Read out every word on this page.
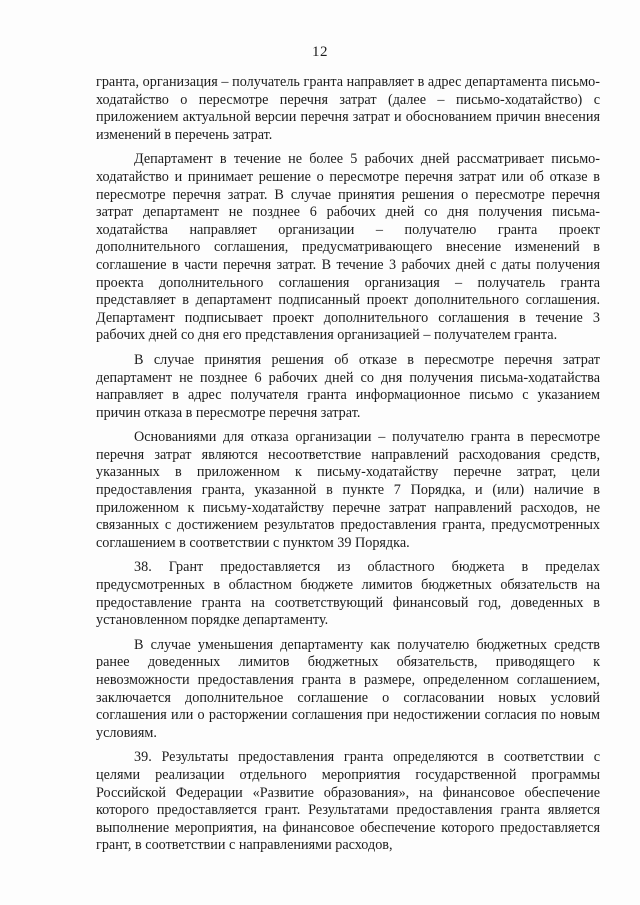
12

гранта, организация – получатель гранта направляет в адрес департамента письмо-ходатайство о пересмотре перечня затрат (далее – письмо-ходатайство) с приложением актуальной версии перечня затрат и обоснованием причин внесения изменений в перечень затрат.

Департамент в течение не более 5 рабочих дней рассматривает письмо-ходатайство и принимает решение о пересмотре перечня затрат или об отказе в пересмотре перечня затрат. В случае принятия решения о пересмотре перечня затрат департамент не позднее 6 рабочих дней со дня получения письма-ходатайства направляет организации – получателю гранта проект дополнительного соглашения, предусматривающего внесение изменений в соглашение в части перечня затрат. В течение 3 рабочих дней с даты получения проекта дополнительного соглашения организация – получатель гранта представляет в департамент подписанный проект дополнительного соглашения. Департамент подписывает проект дополнительного соглашения в течение 3 рабочих дней со дня его представления организацией – получателем гранта.

В случае принятия решения об отказе в пересмотре перечня затрат департамент не позднее 6 рабочих дней со дня получения письма-ходатайства направляет в адрес получателя гранта информационное письмо с указанием причин отказа в пересмотре перечня затрат.

Основаниями для отказа организации – получателю гранта в пересмотре перечня затрат являются несоответствие направлений расходования средств, указанных в приложенном к письму-ходатайству перечне затрат, цели предоставления гранта, указанной в пункте 7 Порядка, и (или) наличие в приложенном к письму-ходатайству перечне затрат направлений расходов, не связанных с достижением результатов предоставления гранта, предусмотренных соглашением в соответствии с пунктом 39 Порядка.

38. Грант предоставляется из областного бюджета в пределах предусмотренных в областном бюджете лимитов бюджетных обязательств на предоставление гранта на соответствующий финансовый год, доведенных в установленном порядке департаменту.

В случае уменьшения департаменту как получателю бюджетных средств ранее доведенных лимитов бюджетных обязательств, приводящего к невозможности предоставления гранта в размере, определенном соглашением, заключается дополнительное соглашение о согласовании новых условий соглашения или о расторжении соглашения при недостижении согласия по новым условиям.

39. Результаты предоставления гранта определяются в соответствии с целями реализации отдельного мероприятия государственной программы Российской Федерации «Развитие образования», на финансовое обеспечение которого предоставляется грант. Результатами предоставления гранта является выполнение мероприятия, на финансовое обеспечение которого предоставляется грант, в соответствии с направлениями расходов,
